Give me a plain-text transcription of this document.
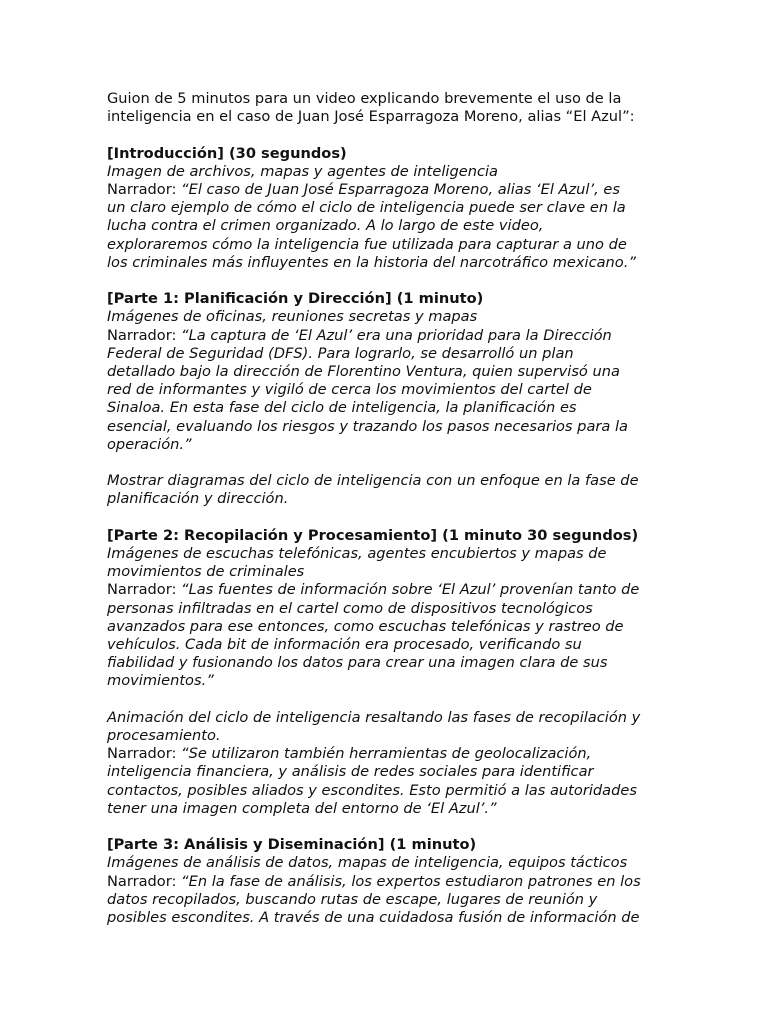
Guion de 5 minutos para un video explicando brevemente el uso de la

inteligencia en el caso de Juan José Esparragoza Moreno, alias “El Azul”:

[Introducción] (30 segundos)

Imagen de archivos, mapas y agentes de inteligencia

Narrador: “El caso de Juan José Esparragoza Moreno, alias ‘El Azul’, es

un claro ejemplo de cómo el ciclo de inteligencia puede ser clave en la

lucha contra el crimen organizado. A lo largo de este video,

exploraremos cómo la inteligencia fue utilizada para capturar a uno de

los criminales más influyentes en la historia del narcotráfico mexicano.”

[Parte 1: Planificación y Dirección] (1 minuto)

Imágenes de oficinas, reuniones secretas y mapas

Narrador: “La captura de ‘El Azul’ era una prioridad para la Dirección

Federal de Seguridad (DFS). Para lograrlo, se desarrolló un plan

detallado bajo la dirección de Florentino Ventura, quien supervisó una

red de informantes y vigiló de cerca los movimientos del cartel de

Sinaloa. En esta fase del ciclo de inteligencia, la planificación es

esencial, evaluando los riesgos y trazando los pasos necesarios para la

operación.”

Mostrar diagramas del ciclo de inteligencia con un enfoque en la fase de

planificación y dirección.

[Parte 2: Recopilación y Procesamiento] (1 minuto 30 segundos)

Imágenes de escuchas telefónicas, agentes encubiertos y mapas de

movimientos de criminales

Narrador: “Las fuentes de información sobre ‘El Azul’ provenían tanto de

personas infiltradas en el cartel como de dispositivos tecnológicos

avanzados para ese entonces, como escuchas telefónicas y rastreo de

vehículos. Cada bit de información era procesado, verificando su

fiabilidad y fusionando los datos para crear una imagen clara de sus

movimientos.”

Animación del ciclo de inteligencia resaltando las fases de recopilación y

procesamiento.

Narrador: “Se utilizaron también herramientas de geolocalización,

inteligencia financiera, y análisis de redes sociales para identificar

contactos, posibles aliados y escondites. Esto permitió a las autoridades

tener una imagen completa del entorno de ‘El Azul’.”

[Parte 3: Análisis y Diseminación] (1 minuto)

Imágenes de análisis de datos, mapas de inteligencia, equipos tácticos

Narrador: “En la fase de análisis, los expertos estudiaron patrones en los

datos recopilados, buscando rutas de escape, lugares de reunión y

posibles escondites. A través de una cuidadosa fusión de información de
